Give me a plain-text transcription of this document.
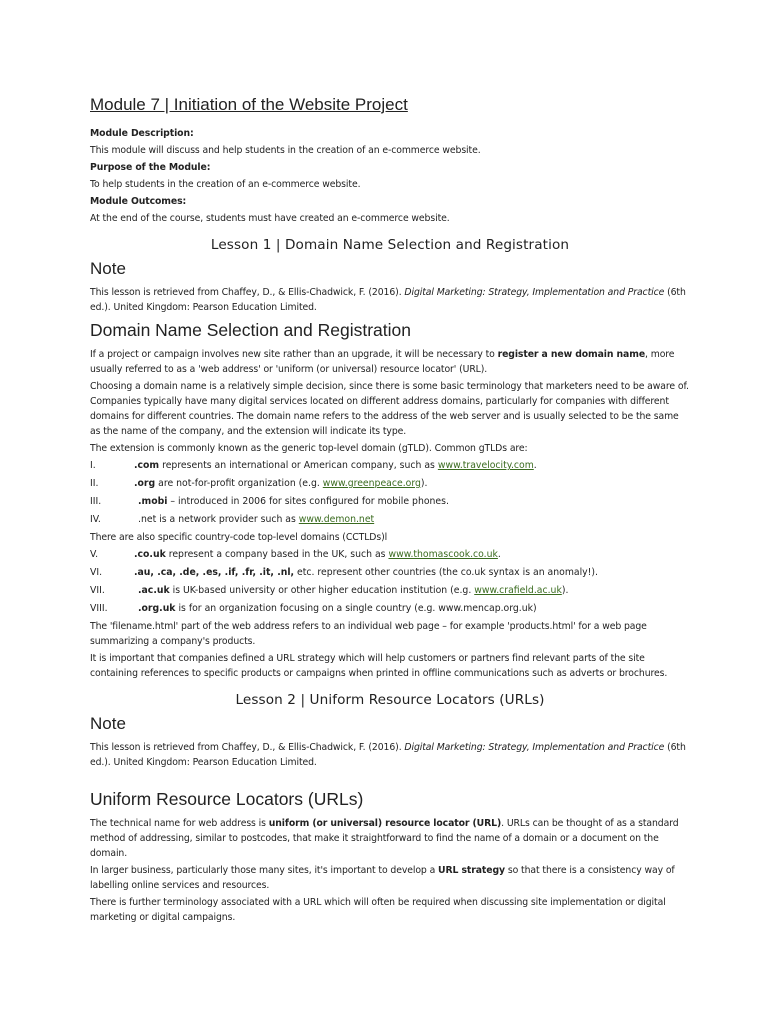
Module 7 | Initiation of the Website Project
Module Description:
This module will discuss and help students in the creation of an e-commerce website.
Purpose of the Module:
To help students in the creation of an e-commerce website.
Module Outcomes:
At the end of the course, students must have created an e-commerce website.
Lesson 1 | Domain Name Selection and Registration
Note
This lesson is retrieved from Chaffey, D., & Ellis-Chadwick, F. (2016). Digital Marketing: Strategy, Implementation and Practice (6th ed.). United Kingdom: Pearson Education Limited.
Domain Name Selection and Registration
If a project or campaign involves new site rather than an upgrade, it will be necessary to register a new domain name, more usually referred to as a 'web address' or 'uniform (or universal) resource locator' (URL).
Choosing a domain name is a relatively simple decision, since there is some basic terminology that marketers need to be aware of. Companies typically have many digital services located on different address domains, particularly for companies with different domains for different countries. The domain name refers to the address of the web server and is usually selected to be the same as the name of the company, and the extension will indicate its type.
The extension is commonly known as the generic top-level domain (gTLD). Common gTLDs are:
I.	.com represents an international or American company, such as www.travelocity.com.
II.	.org are not-for-profit organization (e.g. www.greenpeace.org).
III.	.mobi – introduced in 2006 for sites configured for mobile phones.
IV.	.net is a network provider such as www.demon.net
There are also specific country-code top-level domains (CCTLDs)l
V.	.co.uk represent a company based in the UK, such as www.thomascook.co.uk.
VI.	.au, .ca, .de, .es, .if, .fr, .it, .nl, etc. represent other countries (the co.uk syntax is an anomaly!).
VII.	.ac.uk is UK-based university or other higher education institution (e.g. www.crafield.ac.uk).
VIII.	.org.uk is for an organization focusing on a single country (e.g. www.mencap.org.uk)
The 'filename.html' part of the web address refers to an individual web page – for example 'products.html' for a web page summarizing a company's products.
It is important that companies defined a URL strategy which will help customers or partners find relevant parts of the site containing references to specific products or campaigns when printed in offline communications such as adverts or brochures.
Lesson 2 | Uniform Resource Locators (URLs)
Note
This lesson is retrieved from Chaffey, D., & Ellis-Chadwick, F. (2016). Digital Marketing: Strategy, Implementation and Practice (6th ed.). United Kingdom: Pearson Education Limited.
Uniform Resource Locators (URLs)
The technical name for web address is uniform (or universal) resource locator (URL). URLs can be thought of as a standard method of addressing, similar to postcodes, that make it straightforward to find the name of a domain or a document on the domain.
In larger business, particularly those many sites, it's important to develop a URL strategy so that there is a consistency way of labelling online services and resources.
There is further terminology associated with a URL which will often be required when discussing site implementation or digital marketing or digital campaigns.
